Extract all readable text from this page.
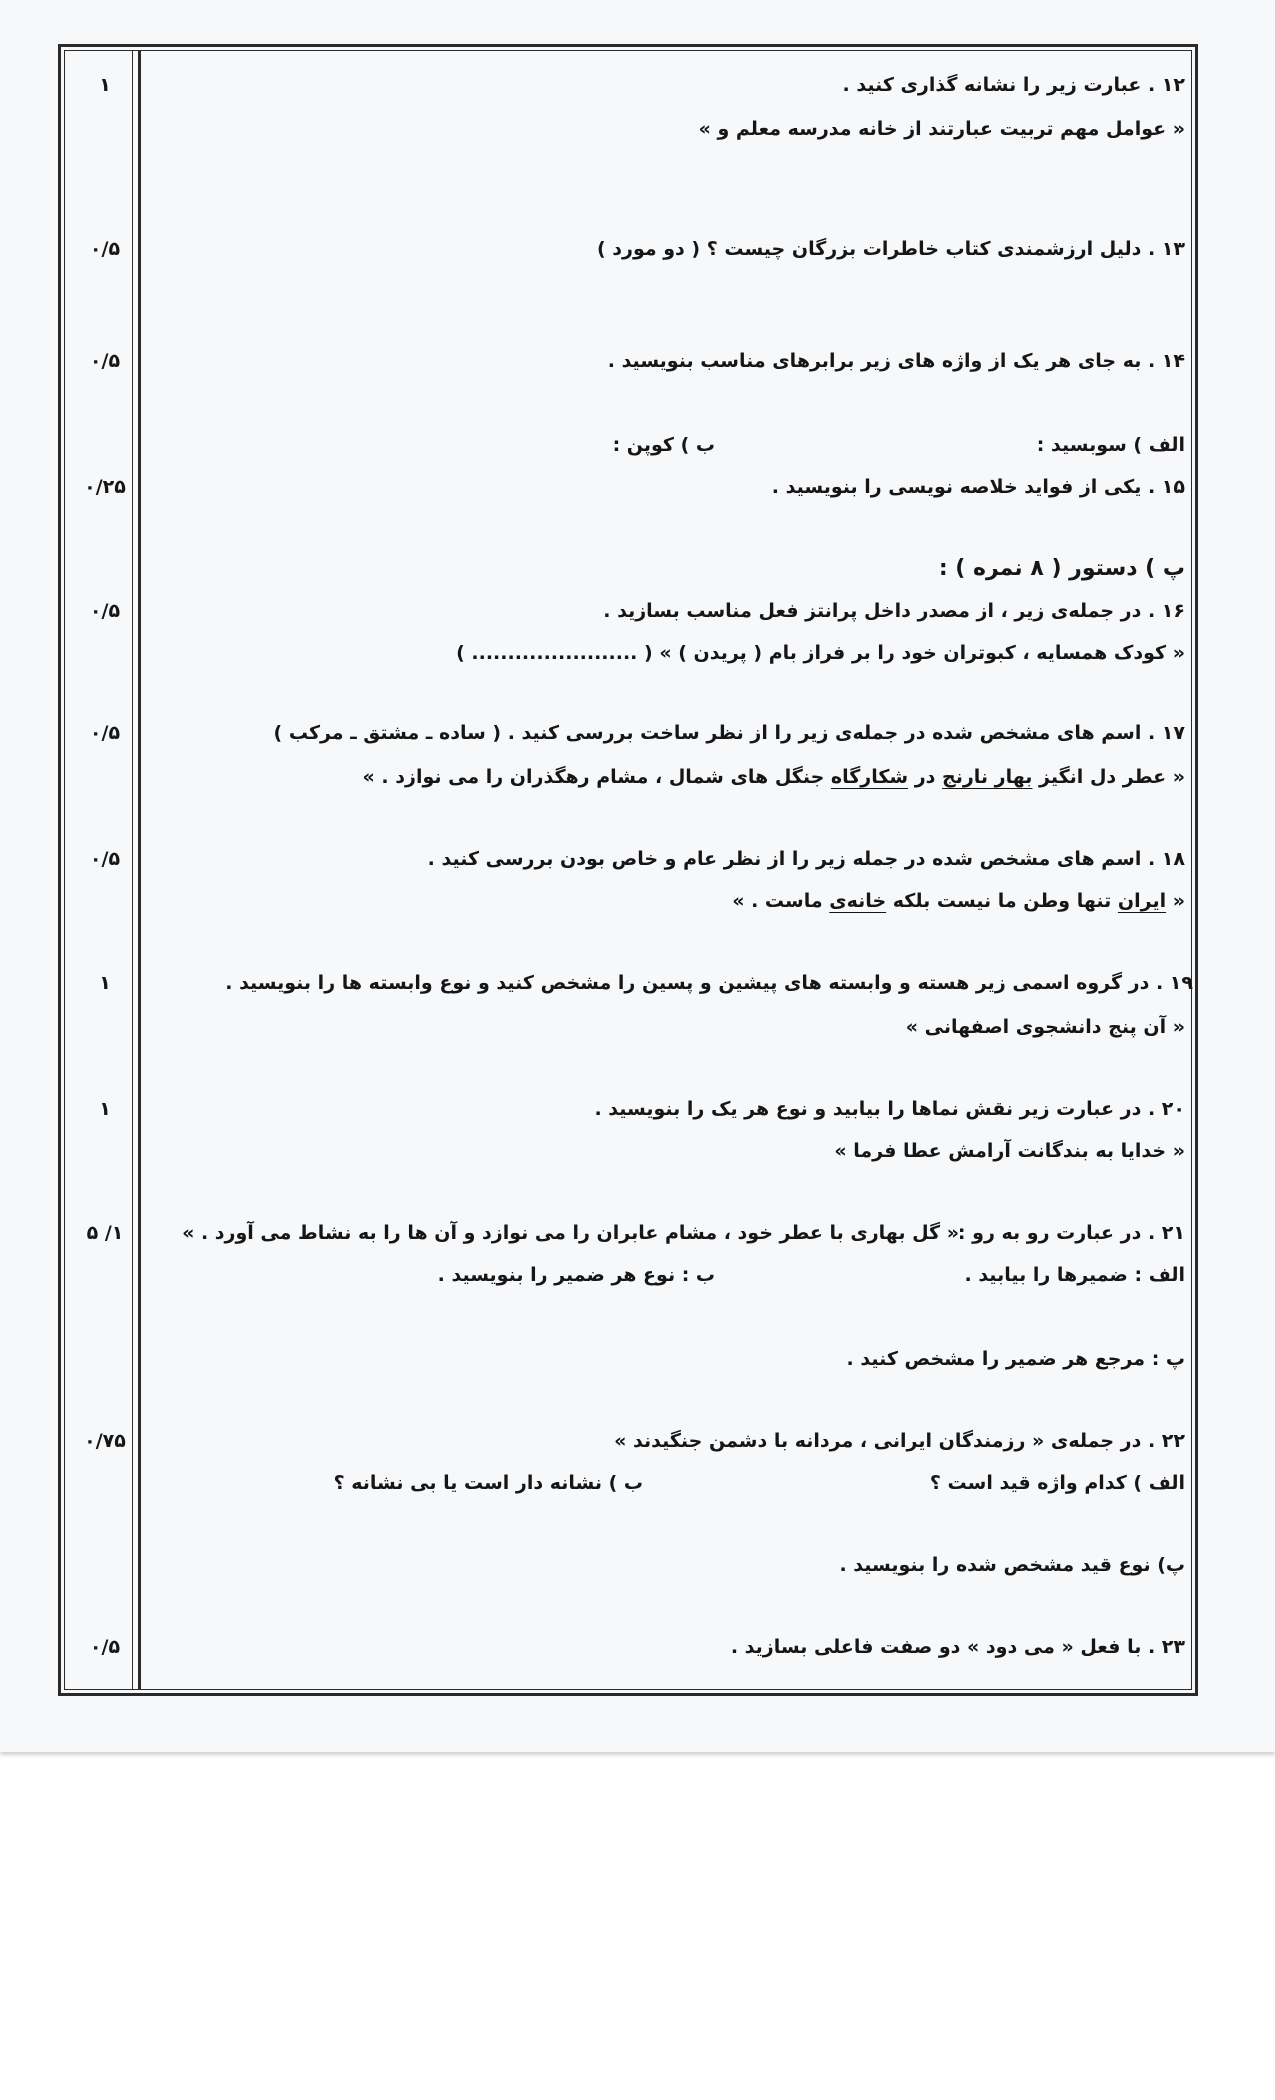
۱۲ . عبارت زیر را نشانه گذاری کنید .
« عوامل مهم تربیت عبارتند از خانه مدرسه معلم و »
۱
۱۳ . دلیل ارزشمندی کتاب خاطرات بزرگان چیست ؟ ( دو مورد )
۰/۵
۱۴ . به جای هر یک از واژه های زیر برابرهای مناسب بنویسید .
۰/۵
الف ) سوبسید :
ب ) کوپن :
۱۵ . یکی از فواید خلاصه نویسی را بنویسید .
۰/۲۵
پ ) دستور ( ۸ نمره ) :
۱۶ . در جمله‌ی زیر ، از مصدر داخل پرانتز فعل مناسب بسازید .
۰/۵
« کودک همسایه ، کبوتران خود را بر فراز بام ( پریدن ) » ( ....................... )
۱۷ . اسم های مشخص شده در جمله‌ی زیر را از نظر ساخت بررسی کنید . ( ساده ـ مشتق ـ مرکب )
۰/۵
« عطر دل انگیز بهار نارنج در شکارگاه جنگل های شمال ، مشام رهگذران را می نوازد . »
۱۸ . اسم های مشخص شده در جمله زیر را از نظر عام و خاص بودن بررسی کنید .
۰/۵
« ایران تنها وطن ما نیست بلکه خانه‌ی ماست . »
۱۹ . در گروه اسمی زیر هسته و وابسته های پیشین و پسین را مشخص کنید و نوع وابسته ها را بنویسید .
۱
« آن پنج دانشجوی اصفهانی »
۲۰ . در عبارت زیر نقش نماها را بیابید و نوع هر یک را بنویسید .
۱
« خدایا به بندگانت آرامش عطا فرما »
۲۱ . در عبارت رو به رو :
« گل بهاری با عطر خود ، مشام عابران را می نوازد و آن ها را به نشاط می آورد . »
۱/ ۵
الف : ضمیرها را بیابید .
ب : نوع هر ضمیر را بنویسید .
پ : مرجع هر ضمیر را مشخص کنید .
۲۲ . در جمله‌ی « رزمندگان ایرانی ، مردانه با دشمن جنگیدند »
۰/۷۵
الف ) کدام واژه قید است ؟
ب ) نشانه دار است یا بی نشانه ؟
پ) نوع قید مشخص شده را بنویسید .
۲۳ . با فعل « می دود » دو صفت فاعلی بسازید .
۰/۵
